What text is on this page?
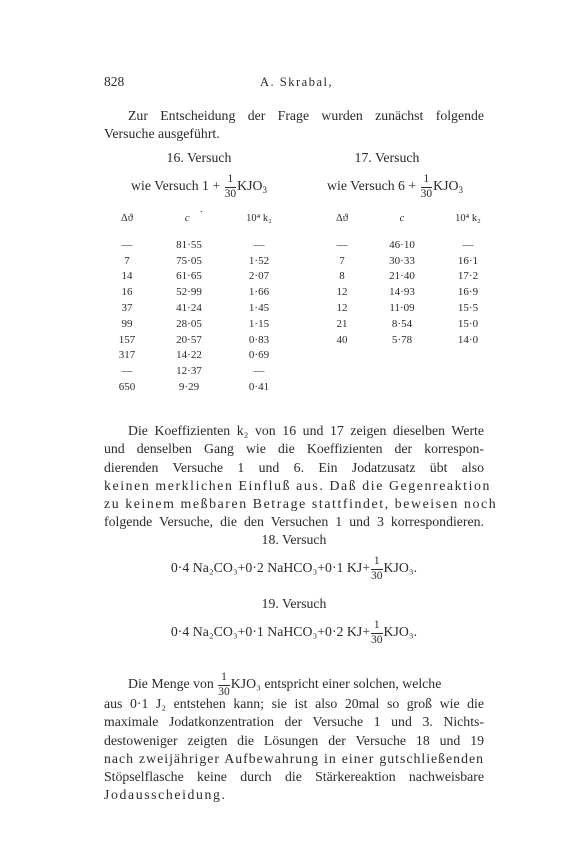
828	A. Skrabal,
Zur Entscheidung der Frage wurden zunächst folgende
Versuche ausgeführt.
16. Versuch
wie Versuch $1 + \frac{1}{30} KJO_3$
Δϑ	c ˙	10⁴ k₂
—	81·55	—
7	75·05	1·52
14	61·65	2·07
16	52·99	1·66
37	41·24	1·45
99	28·05	1·15
157	20·57	0·83
317	14·22	0·69
—	12·37	—
650	9·29	0·41
17. Versuch
wie Versuch $6 + \frac{1}{30} KJO_3$
Δϑ	c	10⁴ k₂
—	46·10	—
7	30·33	16·1
8	21·40	17·2
12	14·93	16·9
12	11·09	15·5
21	8·54	15·0
40	5·78	14·0
Die Koeffizienten k₂ von 16 und 17 zeigen dieselben Werte
und denselben Gang wie die Koeffizienten der korrespon-
dierenden Versuche 1 und 6. Ein Jodatzusatz übt also
keinen merklichen Einfluß aus. Daß die Gegenreaktion
zu keinem meßbaren Betrage stattfindet, beweisen noch
folgende Versuche, die den Versuchen 1 und 3 korrespondieren.
18. Versuch
0·4 Na₂CO₃+0·2 NaHCO₃+0·1 $KJ+ \frac{1}{30} KJO_3$.
19. Versuch
0·4 Na₂CO₃+0·1 NaHCO₃+0·2 $KJ+ \frac{1}{30} KJO_3$.
Die Menge von $\frac{1}{30} KJO_3$ entspricht einer solchen, welche
aus 0·1 J₂ entstehen kann; sie ist also 20mal so groß wie die
maximale Jodatkonzentration der Versuche 1 und 3. Nichts-
destoweniger zeigten die Lösungen der Versuche 18 und 19
nach zweijähriger Aufbewahrung in einer gutschließenden
Stöpselflasche keine durch die Stärkereaktion nachweisbare
Jodausscheidung.
